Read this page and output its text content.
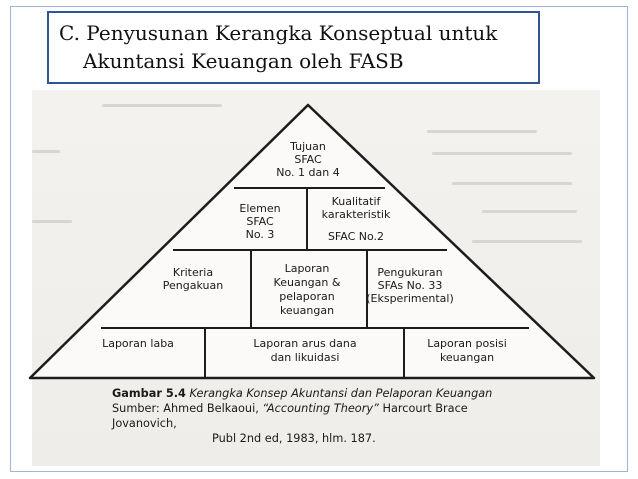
C. Penyusunan Kerangka Konseptual untuk
Akuntansi Keuangan oleh FASB
Tujuan
SFAC
No. 1 dan 4
Elemen
SFAC
No. 3
Kualitatif
karakteristik
SFAC No.2
Kriteria
Pengakuan
Laporan
Keuangan &
pelaporan
keuangan
Pengukuran
SFAs No. 33
(Eksperimental)
Laporan laba	Laporan arus dana
dan likuidasi
Laporan posisi
keuangan
Gambar 5.4 Kerangka Konsep Akuntansi dan Pelaporan Keuangan
Sumber: Ahmed Belkaoui, “Accounting Theory” Harcourt Brace Jovanovich,
Publ 2nd ed, 1983, hlm. 187.
